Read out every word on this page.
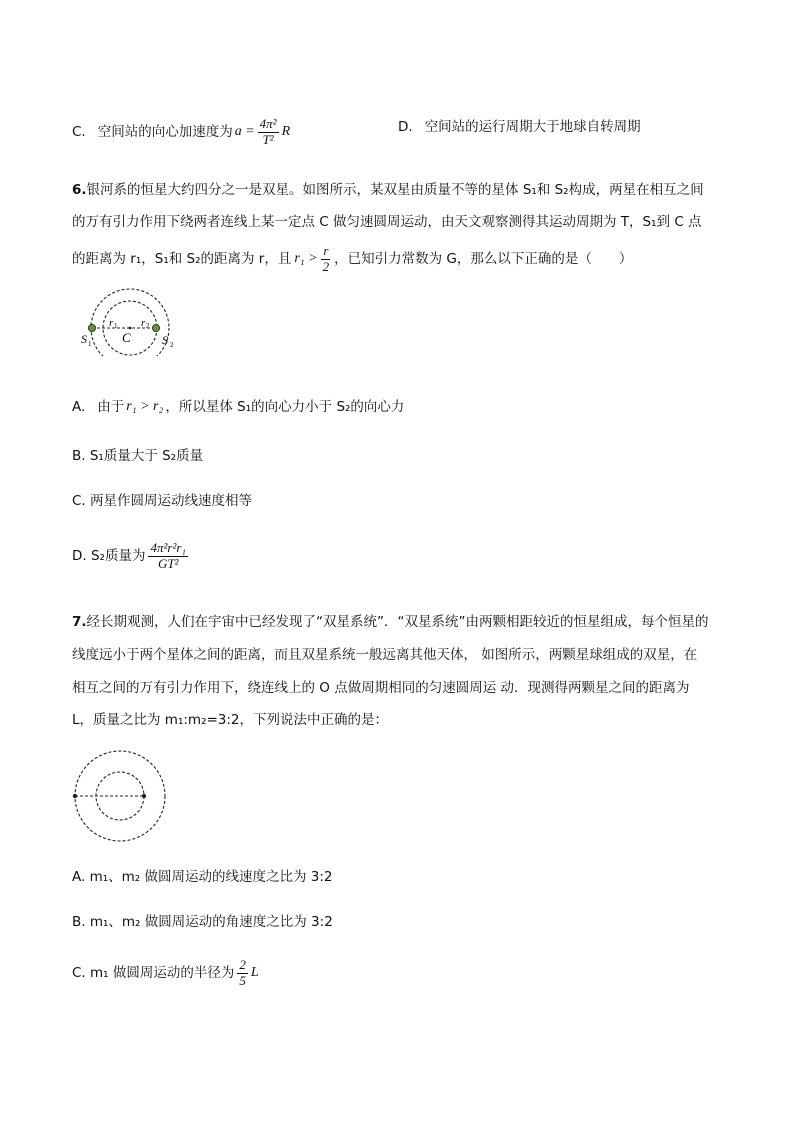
C. 空间站的向心加速度为 $a = \frac{\text{4π²}}{\text{T²}}$ R	D. 空间站的运行周期大于地球自转周期
6.银河系的恒星大约四分之一是双星。如图所示，某双星由质量不等的星体 S₁和 S₂构成，两星在相互之间
的万有引力作用下绕两者连线上某一定点 C 做匀速圆周运动，由天文观察测得其运动周期为 T，S₁到 C 点
的距离为 r₁，S₁和 S₂的距离为 r，且 $r_1 > \frac{r}{2}$ ，已知引力常数为 G，那么以下正确的是（　　）
S 1	S 2
C
r 1 r 2
A. 由于 r₁ > r₂ ，所以星体 S₁的向心力小于 S₂的向心力
B. S₁质量大于 S₂质量
C. 两星作圆周运动线速度相等
D. S₂质量为 $\frac{\text{4π²r²r₁}}{\text{GT²}}$
7.经长期观测，人们在宇宙中已经发现了“双星系统”．“双星系统”由两颗相距较近的恒星组成，每个恒星的
线度远小于两个星体之间的距离，而且双星系统一般远离其他天体， 如图所示，两颗星球组成的双星，在
相互之间的万有引力作用下，绕连线上的 O 点做周期相同的匀速圆周运 动．现测得两颗星之间的距离为
L，质量之比为 m₁:m₂=3:2，下列说法中正确的是：
A. m₁、m₂ 做圆周运动的线速度之比为 3:2
B. m₁、m₂ 做圆周运动的角速度之比为 3:2
C. m₁ 做圆周运动的半径为 $\frac{2}{5}$ L
